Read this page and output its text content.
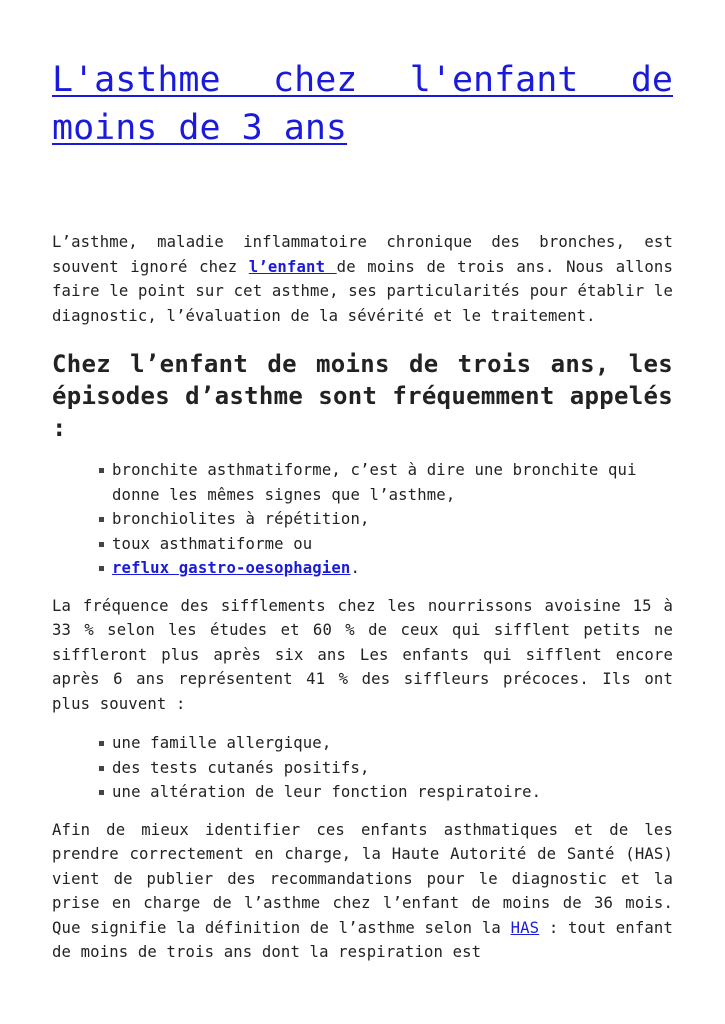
L'asthme chez l'enfant de moins de 3 ans

L’asthme, maladie inflammatoire chronique des bronches, est souvent ignoré chez l’enfant de moins de trois ans. Nous allons faire le point sur cet asthme, ses particularités pour établir le diagnostic, l’évaluation de la sévérité et le traitement.

Chez l’enfant de moins de trois ans, les épisodes d’asthme sont fréquemment appelés :
bronchite asthmatiforme, c’est à dire une bronchite qui donne les mêmes signes que l’asthme,
bronchiolites à répétition,
toux asthmatiforme ou
reflux gastro-oesophagien.

La fréquence des sifflements chez les nourrissons avoisine 15 à 33 % selon les études et 60 % de ceux qui sifflent petits ne siffleront plus après six ans Les enfants qui sifflent encore après 6 ans représentent 41 % des siffleurs précoces. Ils ont plus souvent :

une famille allergique,
des tests cutanés positifs,
une altération de leur fonction respiratoire.

Afin de mieux identifier ces enfants asthmatiques et de les prendre correctement en charge, la Haute Autorité de Santé (HAS) vient de publier des recommandations pour le diagnostic et la prise en charge de l’asthme chez l’enfant de moins de 36 mois. Que signifie la définition de l’asthme selon la HAS : tout enfant de moins de trois ans dont la respiration est
